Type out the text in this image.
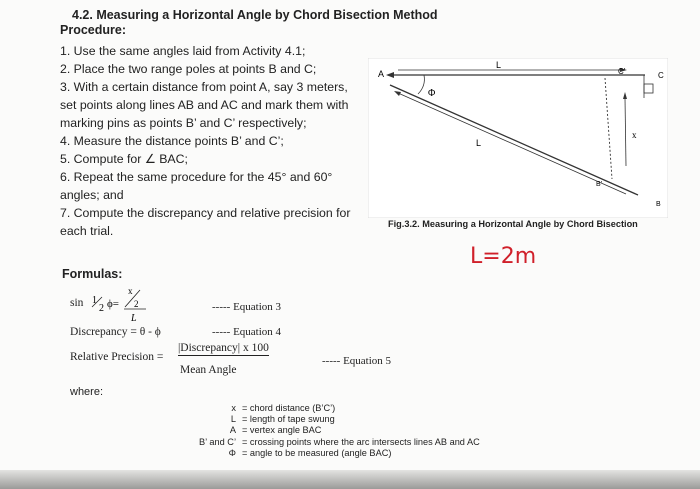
4.2. Measuring a Horizontal Angle by Chord Bisection Method
Procedure:
1. Use the same angles laid from Activity 4.1;
2. Place the two range poles at points B and C;
3. With a certain distance from point A, say 3 meters,
set points along lines AB and AC and mark them with
marking pins as points B’ and C’ respectively;
4. Measure the distance points B’ and C’;
5. Compute for ∠ BAC;
6. Repeat the same procedure for the 45° and 60°
angles; and
7. Compute the discrepancy and relative precision for
each trial.
A
L
L
Φ
C’	C
x
B’
B
Fig.3.2. Measuring a Horizontal Angle by Chord Bisection
L=2m
Formulas:
sin 1
2 ϕ=
x
2
L
----- Equation 3
Discrepancy = θ - ϕ	----- Equation 4
Relative Precision =
|Discrepancy| x 100
Mean Angle
----- Equation 5
where:
x = chord distance (B’C’)
L = length of tape swung
A = vertex angle BAC
B’ and C’ = crossing points where the arc intersects lines AB and AC
Φ = angle to be measured (angle BAC)
